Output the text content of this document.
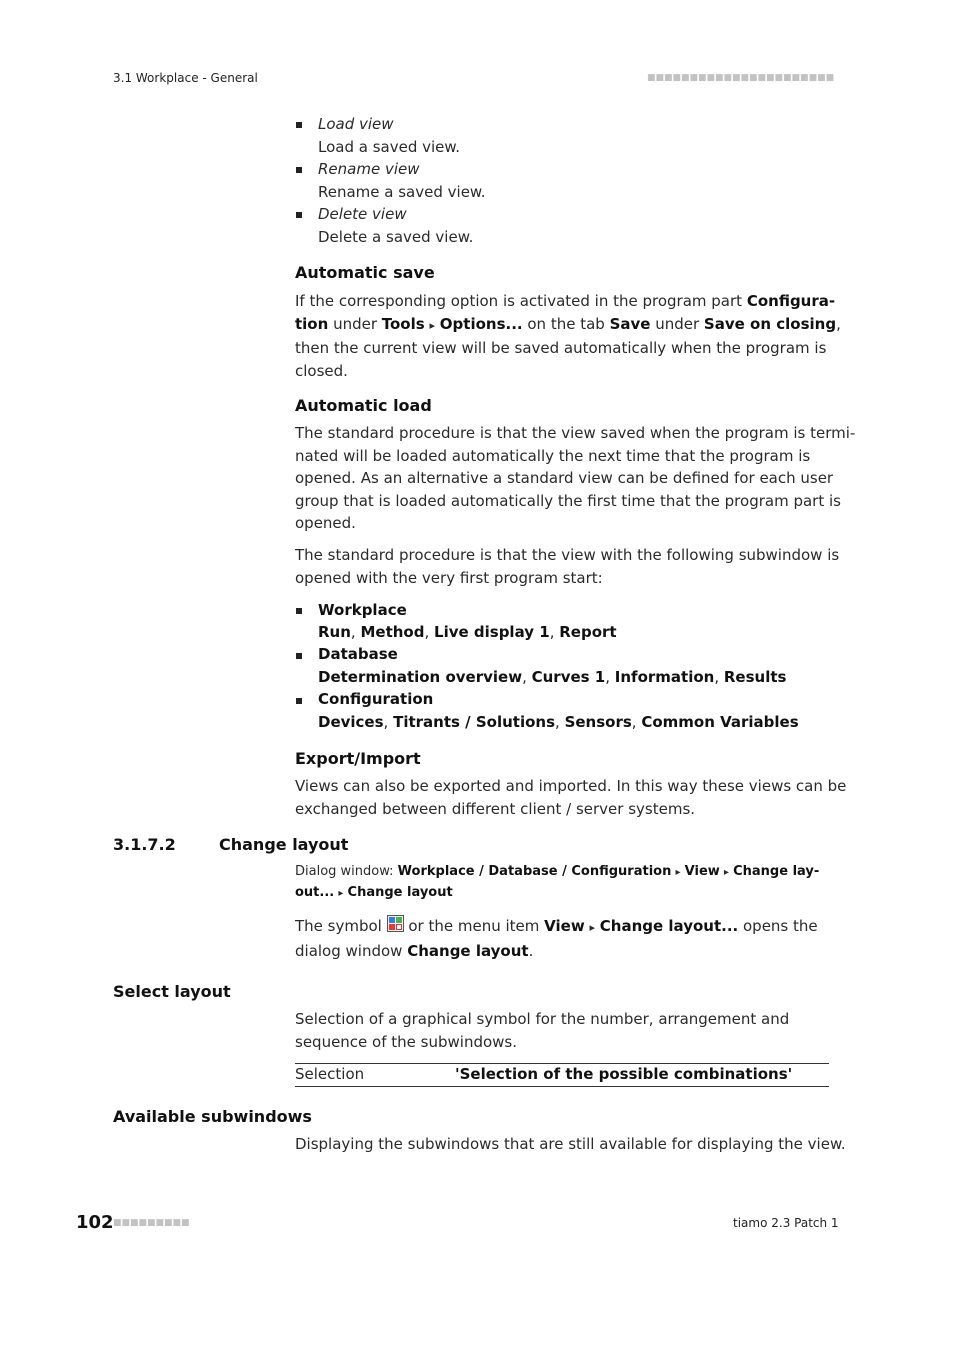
3.1 Workplace - General	■■■■■■■■■■■■■■■■■■■■■■
Load view
Load a saved view.
Rename view
Rename a saved view.
Delete view
Delete a saved view.
Automatic save
If the corresponding option is activated in the program part Configura-
tion under Tools ▸ Options... on the tab Save under Save on closing,
then the current view will be saved automatically when the program is
closed.
Automatic load
The standard procedure is that the view saved when the program is termi-
nated will be loaded automatically the next time that the program is
opened. As an alternative a standard view can be defined for each user
group that is loaded automatically the first time that the program part is
opened.
The standard procedure is that the view with the following subwindow is
opened with the very first program start:
Workplace
Run, Method, Live display 1, Report
Database
Determination overview, Curves 1, Information, Results
Configuration
Devices, Titrants / Solutions, Sensors, Common Variables
Export/Import
Views can also be exported and imported. In this way these views can be
exchanged between different client / server systems.
3.1.7.2	Change layout
Dialog window: Workplace / Database / Configuration ▸ View ▸ Change lay-
out... ▸ Change layout
The symbol
or the menu item View ▸ Change layout... opens the
dialog window Change layout.
Select layout
Selection of a graphical symbol for the number, arrangement and
sequence of the subwindows.
Selection	'Selection of the possible combinations'
Available subwindows
Displaying the subwindows that are still available for displaying the view.
102 ■■■■■■■■■	tiamo 2.3 Patch 1
